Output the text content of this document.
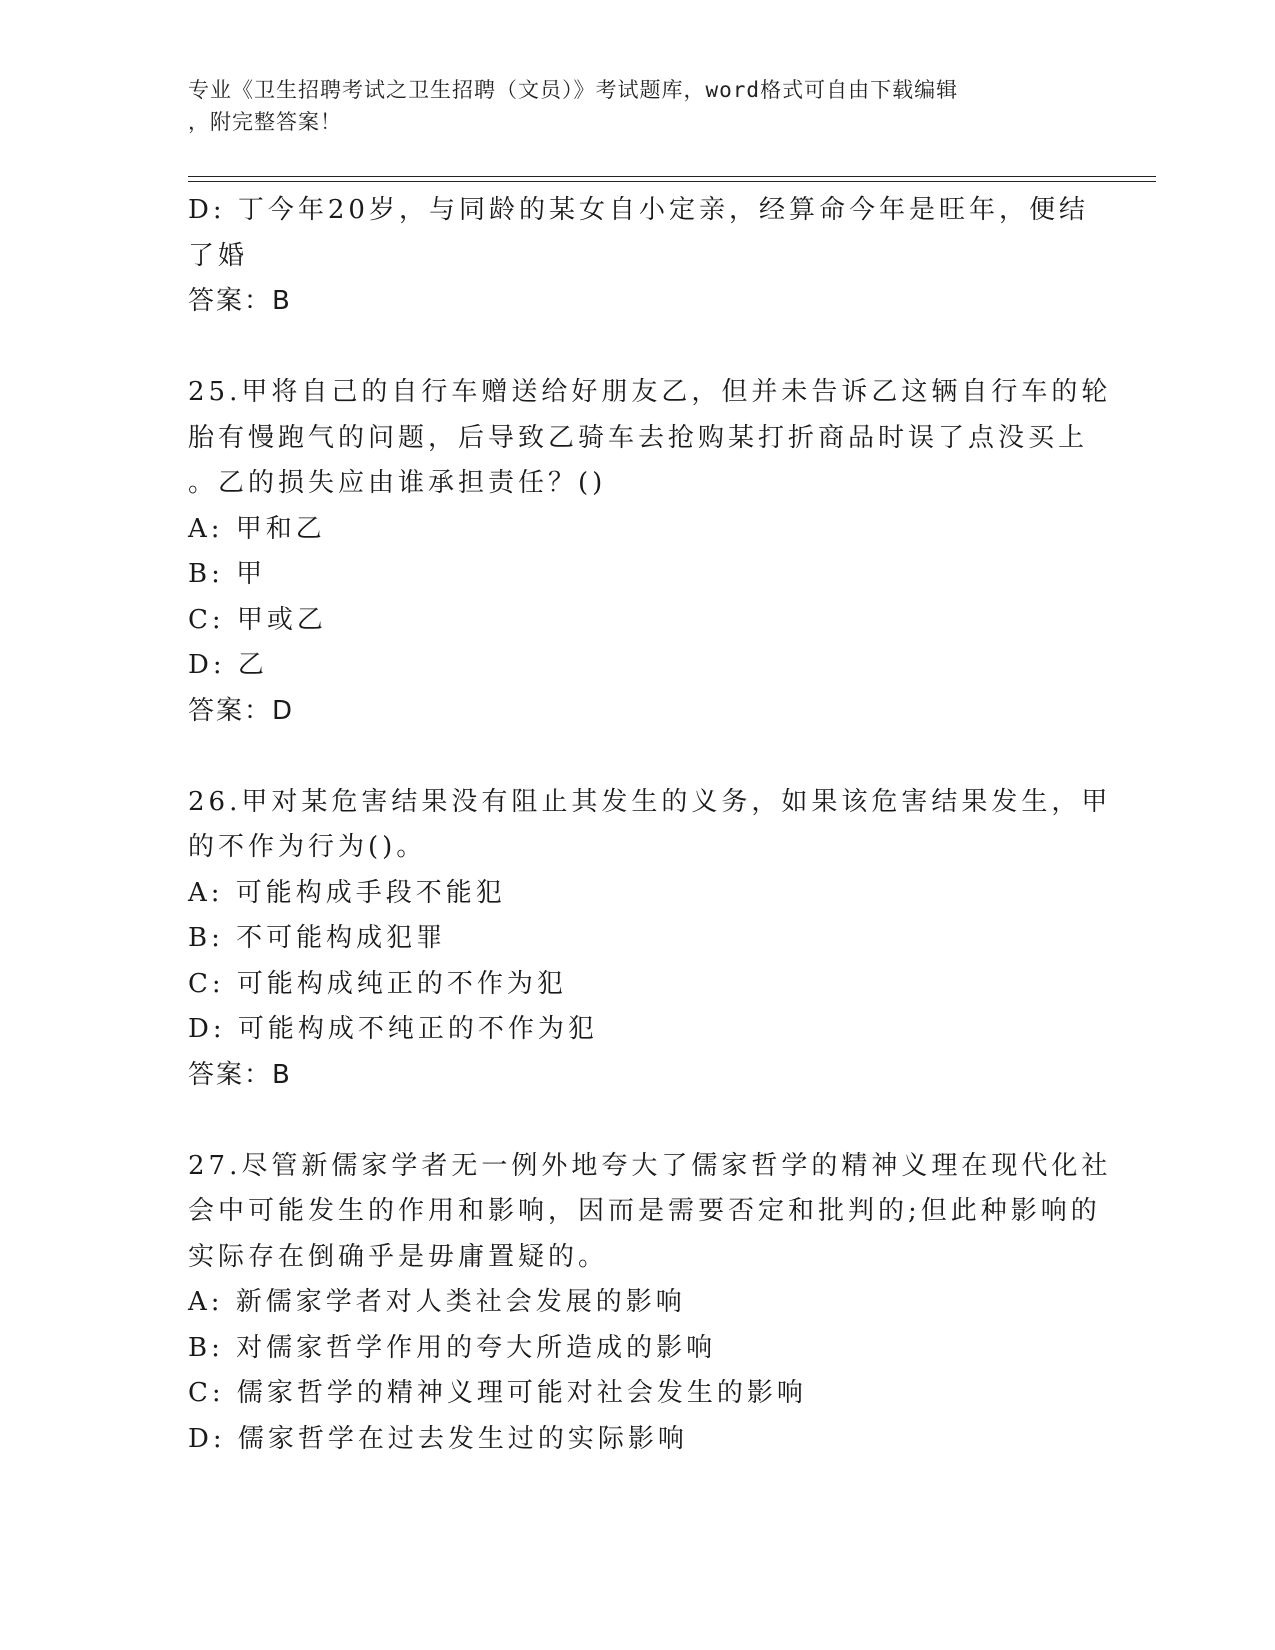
专业《卫生招聘考试之卫生招聘（文员）》考试题库，word格式可自由下载编辑
，附完整答案！
D: 丁今年20岁，与同龄的某女自小定亲，经算命今年是旺年，便结
了婚
答案：B
25.甲将自己的自行车赠送给好朋友乙，但并未告诉乙这辆自行车的轮
胎有慢跑气的问题，后导致乙骑车去抢购某打折商品时误了点没买上
。乙的损失应由谁承担责任？()
A: 甲和乙
B: 甲
C: 甲或乙
D: 乙
答案：D
26.甲对某危害结果没有阻止其发生的义务，如果该危害结果发生，甲
的不作为行为()。
A: 可能构成手段不能犯
B: 不可能构成犯罪
C: 可能构成纯正的不作为犯
D: 可能构成不纯正的不作为犯
答案：B
27.尽管新儒家学者无一例外地夸大了儒家哲学的精神义理在现代化社
会中可能发生的作用和影响，因而是需要否定和批判的;但此种影响的
实际存在倒确乎是毋庸置疑的。
A: 新儒家学者对人类社会发展的影响
B: 对儒家哲学作用的夸大所造成的影响
C: 儒家哲学的精神义理可能对社会发生的影响
D: 儒家哲学在过去发生过的实际影响
